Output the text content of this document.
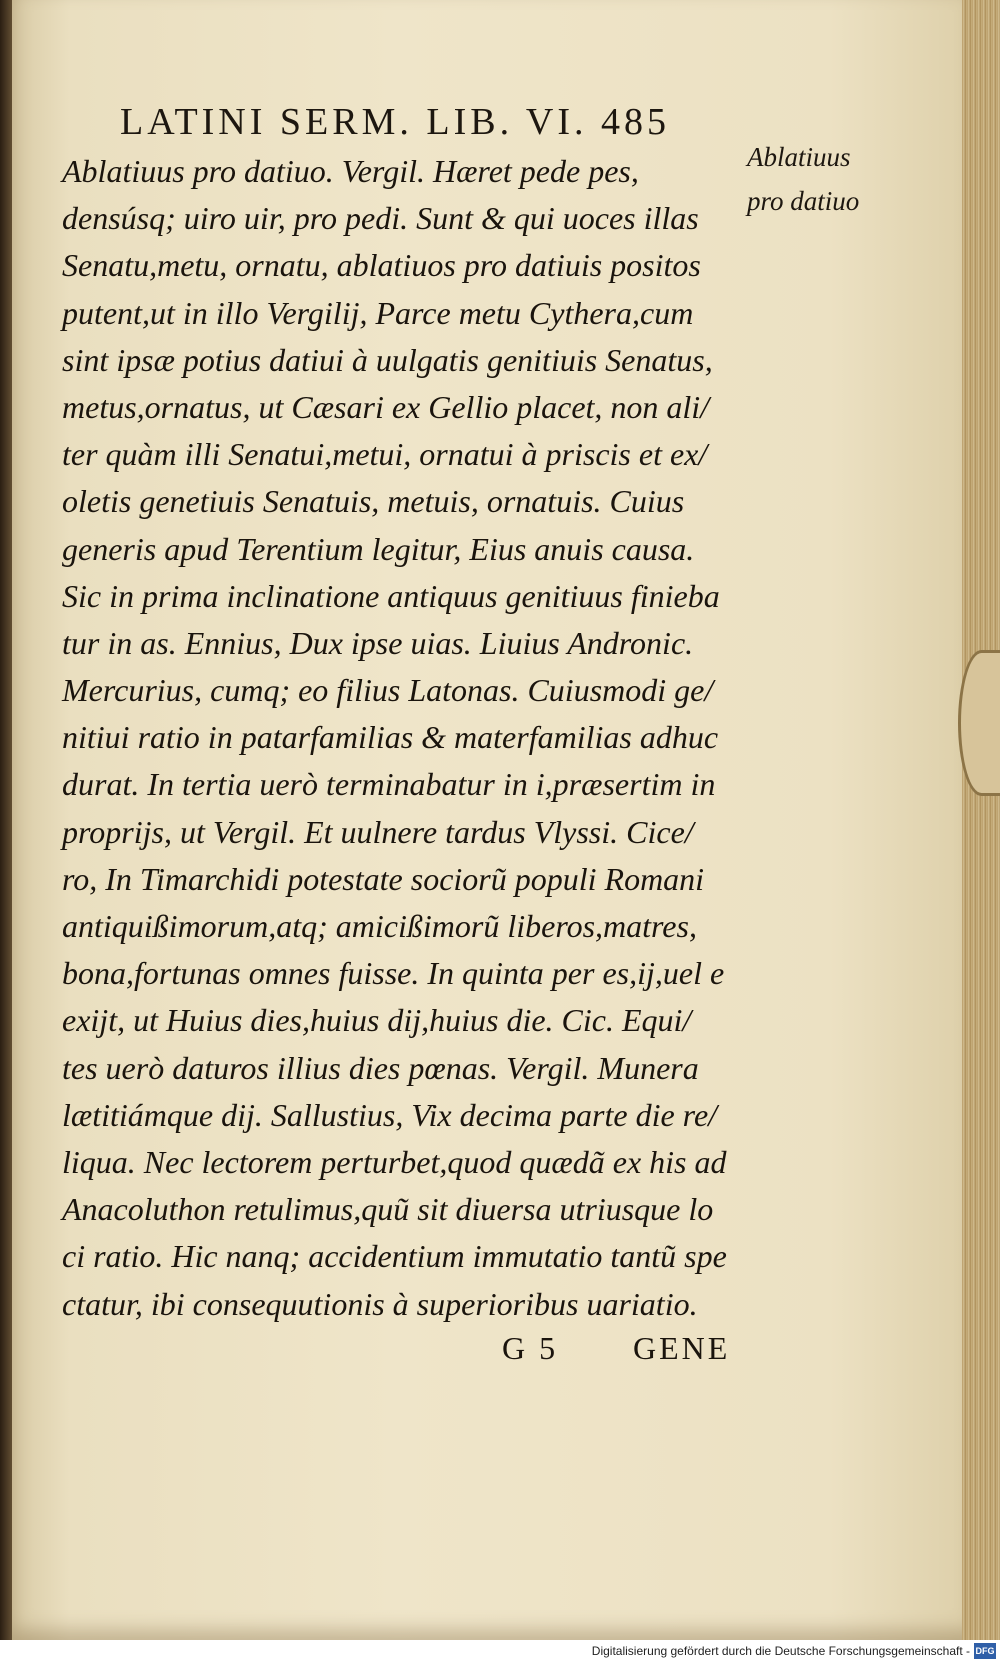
LATINI SERM. LIB. VI. 485
Ablatiuus
pro datiuo
Ablatiuus pro datiuo. Vergil. Hæret pede pes,
densúsq; uiro uir, pro pedi. Sunt & qui uoces illas
Senatu,metu, ornatu, ablatiuos pro datiuis positos
putent,ut in illo Vergilij, Parce metu Cythera,cum
sint ipsæ potius datiui à uulgatis genitiuis Senatus,
metus,ornatus, ut Cæsari ex Gellio placet, non ali/
ter quàm illi Senatui,metui, ornatui à priscis et ex/
oletis genetiuis Senatuis, metuis, ornatuis. Cuius
generis apud Terentium legitur, Eius anuis causa.
Sic in prima inclinatione antiquus genitiuus finieba
tur in as. Ennius, Dux ipse uias. Liuius Andronic.
Mercurius, cumq; eo filius Latonas. Cuiusmodi ge/
nitiui ratio in patarfamilias & materfamilias adhuc
durat. In tertia uerò terminabatur in i,præsertim in
proprijs, ut Vergil. Et uulnere tardus Vlyssi. Cice/
ro, In Timarchidi potestate sociorũ populi Romani
antiquißimorum,atq; amicißimorũ liberos,matres,
bona,fortunas omnes fuisse. In quinta per es,ij,uel e
exijt, ut Huius dies,huius dij,huius die. Cic. Equi/
tes uerò daturos illius dies pœnas. Vergil. Munera
lætitiámque dij. Sallustius, Vix decima parte die re/
liqua. Nec lectorem perturbet,quod quædã ex his ad
Anacoluthon retulimus,quũ sit diuersa utriusque lo
ci ratio. Hic nanq; accidentium immutatio tantũ spe
ctatur, ibi consequutionis à superioribus uariatio.
G 5 GENE
Digitalisierung gefördert durch die Deutsche Forschungsgemeinschaft - DFG
